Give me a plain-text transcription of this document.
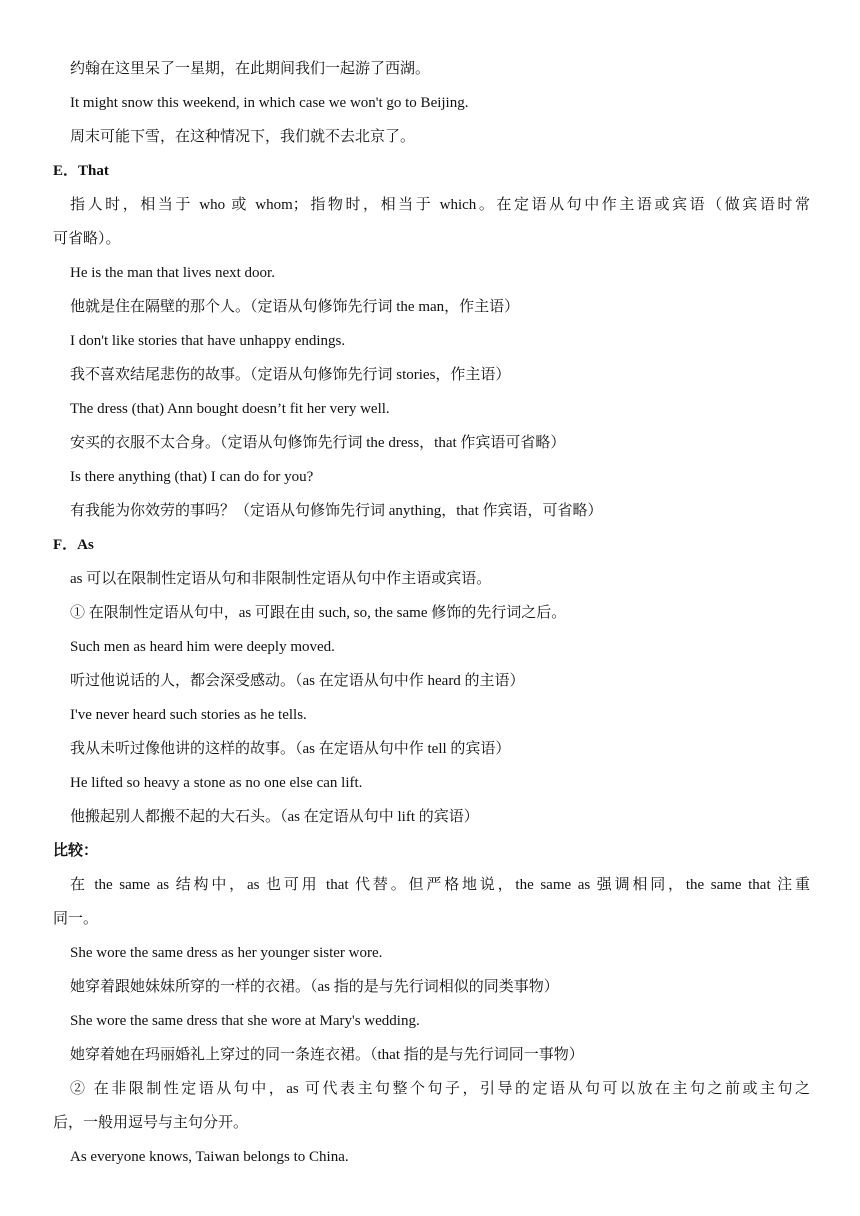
约翰在这里呆了一星期，在此期间我们一起游了西湖。
It might snow this weekend, in which case we won't go to Beijing.
周末可能下雪，在这种情况下，我们就不去北京了。
E．That
指人时，相当于 who 或 whom；指物时，相当于 which。在定语从句中作主语或宾语（做宾语时常
可省略）。
He is the man that lives next door.
他就是住在隔壁的那个人。（定语从句修饰先行词 the man，作主语）
I don't like stories that have unhappy endings.
我不喜欢结尾悲伤的故事。（定语从句修饰先行词 stories，作主语）
The dress (that) Ann bought doesn’t fit her very well.
安买的衣服不太合身。（定语从句修饰先行词 the dress，that 作宾语可省略）
Is there anything (that) I can do for you?
有我能为你效劳的事吗？（定语从句修饰先行词 anything，that 作宾语，可省略）
F．As
as 可以在限制性定语从句和非限制性定语从句中作主语或宾语。
① 在限制性定语从句中，as 可跟在由 such, so, the same 修饰的先行词之后。
Such men as heard him were deeply moved.
听过他说话的人，都会深受感动。（as 在定语从句中作 heard 的主语）
I've never heard such stories as he tells.
我从未听过像他讲的这样的故事。（as 在定语从句中作 tell 的宾语）
He lifted so heavy a stone as no one else can lift.
他搬起别人都搬不起的大石头。（as 在定语从句中 lift 的宾语）
比较：
在 the same as 结构中，as 也可用 that 代替。但严格地说，the same as 强调相同，the same that 注重
同一。
She wore the same dress as her younger sister wore.
她穿着跟她妹妹所穿的一样的衣裙。（as 指的是与先行词相似的同类事物）
She wore the same dress that she wore at Mary's wedding.
她穿着她在玛丽婚礼上穿过的同一条连衣裙。（that 指的是与先行词同一事物）
② 在非限制性定语从句中，as 可代表主句整个句子，引导的定语从句可以放在主句之前或主句之
后，一般用逗号与主句分开。
As everyone knows, Taiwan belongs to China.
